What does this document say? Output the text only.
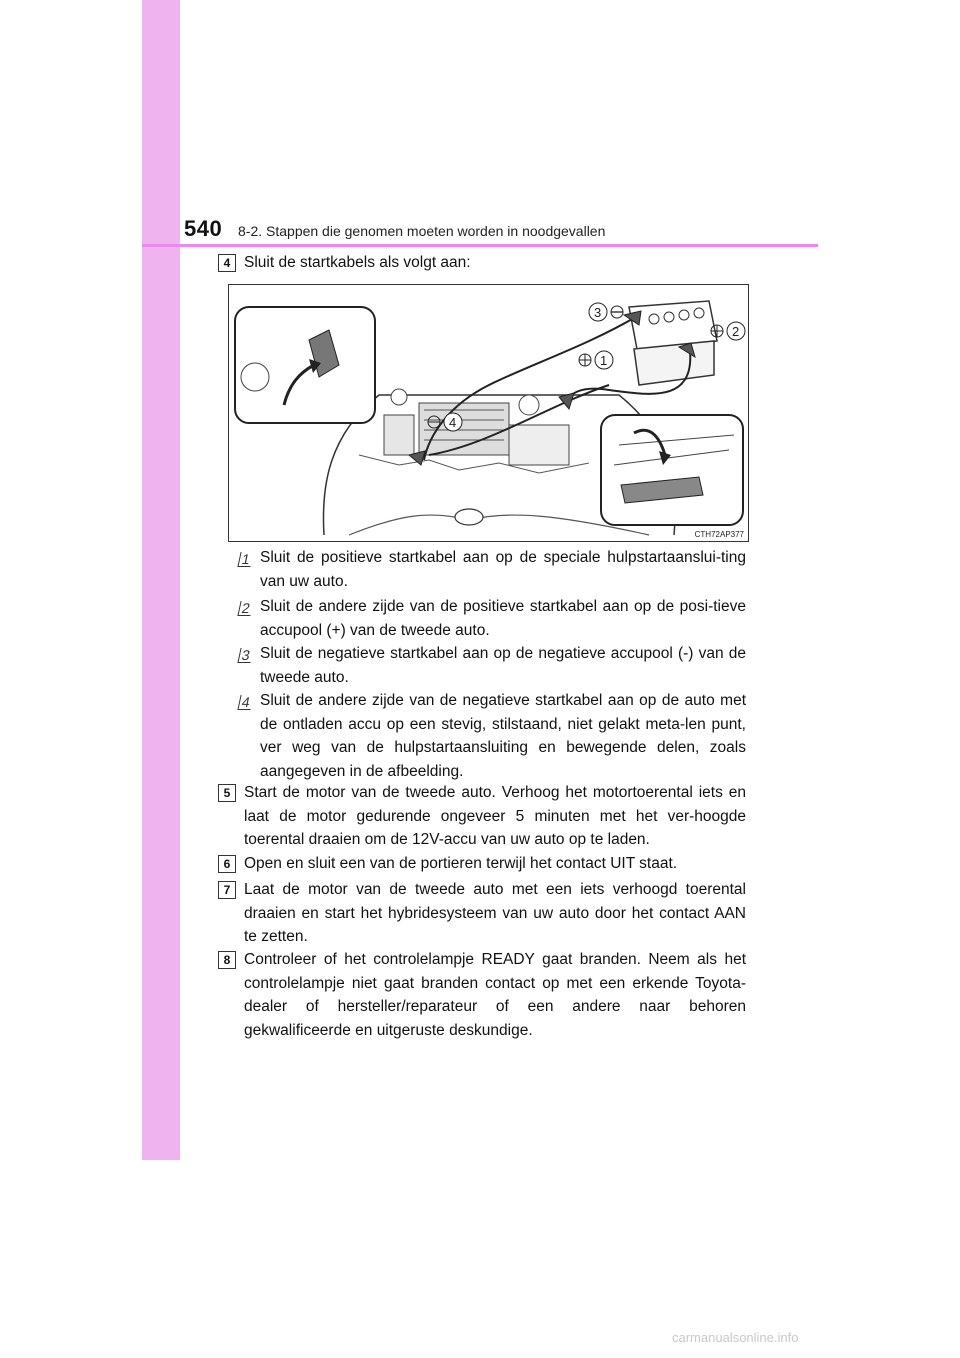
540 8-2. Stappen die genomen moeten worden in noodgevallen
4 Sluit de startkabels als volgt aan:
3
2
1
4
CTH72AP377
1 Sluit de positieve startkabel aan op de speciale hulpstartaanslui-ting van uw auto.
2 Sluit de andere zijde van de positieve startkabel aan op de posi-tieve accupool (+) van de tweede auto.
3 Sluit de negatieve startkabel aan op de negatieve accupool (-) van de tweede auto.
4 Sluit de andere zijde van de negatieve startkabel aan op de auto met de ontladen accu op een stevig, stilstaand, niet gelakt meta-len punt, ver weg van de hulpstartaansluiting en bewegende delen, zoals aangegeven in de afbeelding.
5 Start de motor van de tweede auto. Verhoog het motortoerental iets en laat de motor gedurende ongeveer 5 minuten met het ver-hoogde toerental draaien om de 12V-accu van uw auto op te laden.
6 Open en sluit een van de portieren terwijl het contact UIT staat.
7 Laat de motor van de tweede auto met een iets verhoogd toerental draaien en start het hybridesysteem van uw auto door het contact AAN te zetten.
8 Controleer of het controlelampje READY gaat branden. Neem als het controlelampje niet gaat branden contact op met een erkende Toyota-dealer of hersteller/reparateur of een andere naar behoren gekwalificeerde en uitgeruste deskundige.
carmanualsonline.info
